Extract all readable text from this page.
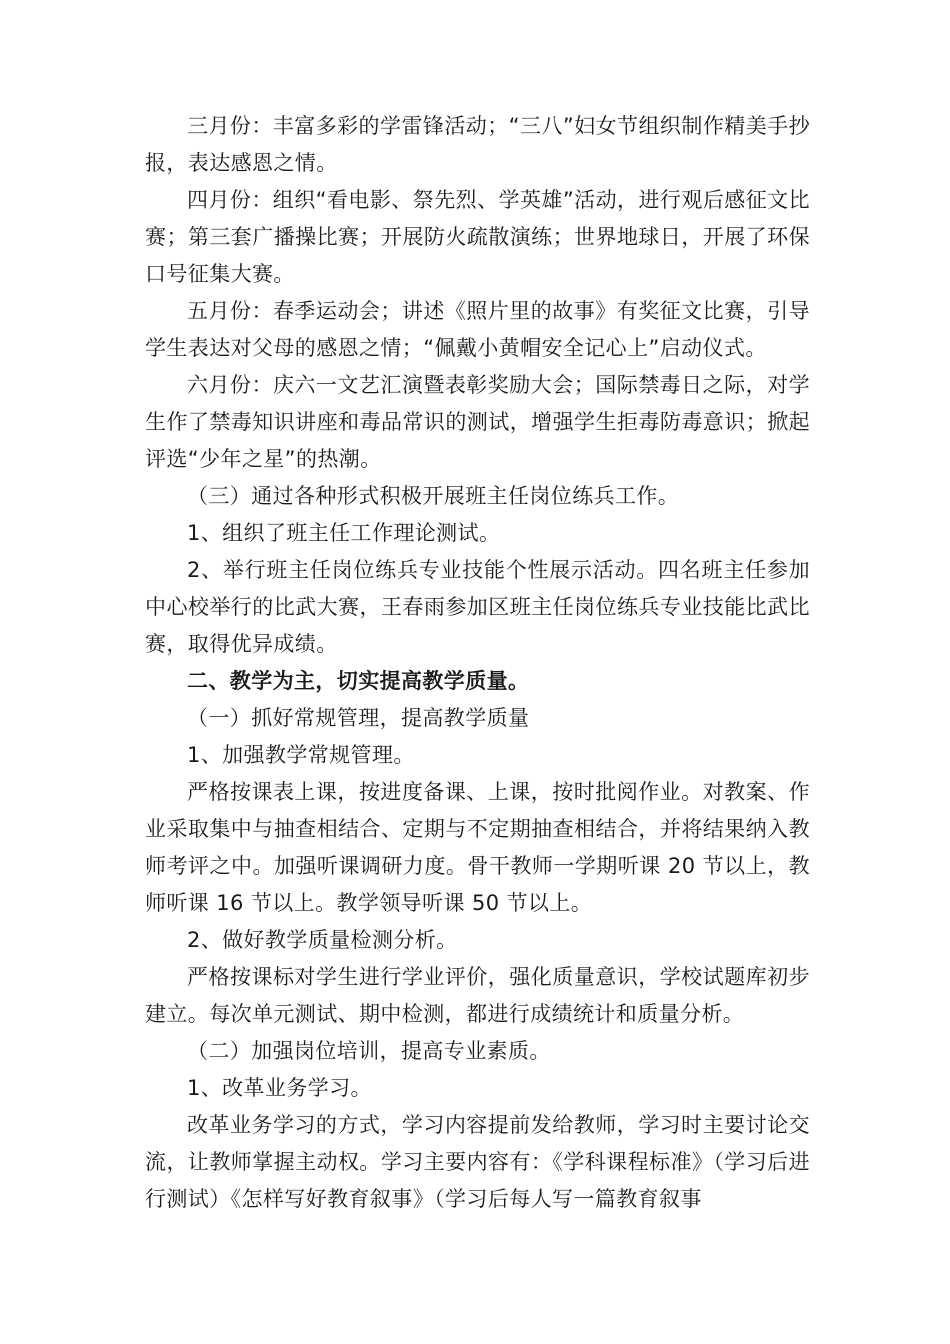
三月份：丰富多彩的学雷锋活动；“三八”妇女节组织制作精美手抄报，表达感恩之情。

四月份：组织“看电影、祭先烈、学英雄”活动，进行观后感征文比赛；第三套广播操比赛；开展防火疏散演练；世界地球日，开展了环保口号征集大赛。

五月份：春季运动会；讲述《照片里的故事》有奖征文比赛，引导学生表达对父母的感恩之情；“佩戴小黄帽安全记心上”启动仪式。

六月份：庆六一文艺汇演暨表彰奖励大会；国际禁毒日之际，对学生作了禁毒知识讲座和毒品常识的测试，增强学生拒毒防毒意识；掀起评选“少年之星”的热潮。

（三）通过各种形式积极开展班主任岗位练兵工作。

1、组织了班主任工作理论测试。

2、举行班主任岗位练兵专业技能个性展示活动。四名班主任参加中心校举行的比武大赛，王春雨参加区班主任岗位练兵专业技能比武比赛，取得优异成绩。

二、教学为主，切实提高教学质量。

（一）抓好常规管理，提高教学质量

1、加强教学常规管理。

严格按课表上课，按进度备课、上课，按时批阅作业。对教案、作业采取集中与抽查相结合、定期与不定期抽查相结合，并将结果纳入教师考评之中。加强听课调研力度。骨干教师一学期听课 20 节以上，教师听课 16 节以上。教学领导听课 50 节以上。

2、做好教学质量检测分析。

严格按课标对学生进行学业评价，强化质量意识，学校试题库初步建立。每次单元测试、期中检测，都进行成绩统计和质量分析。

（二）加强岗位培训，提高专业素质。

1、改革业务学习。

改革业务学习的方式，学习内容提前发给教师，学习时主要讨论交流，让教师掌握主动权。学习主要内容有：《学科课程标准》（学习后进行测试）《怎样写好教育叙事》（学习后每人写一篇教育叙事
